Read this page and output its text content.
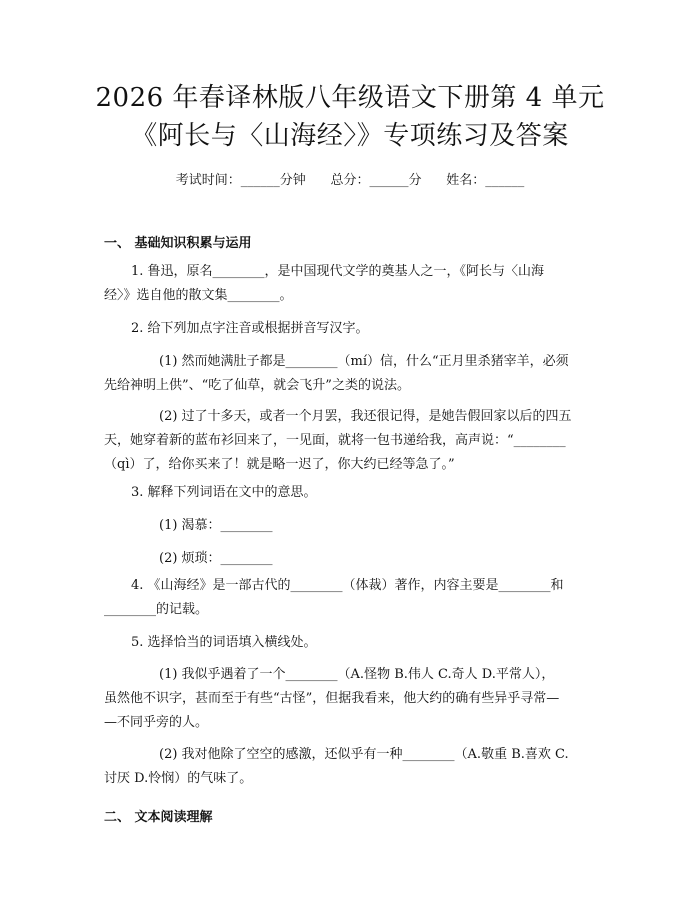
2026 年春译林版八年级语文下册第 4 单元
《阿长与〈山海经〉》专项练习及答案
考试时间：______分钟      总分：______分      姓名：______
一、 基础知识积累与运用
1. 鲁迅，原名________，是中国现代文学的奠基人之一，《阿长与〈山海
经〉》选自他的散文集________。
2. 给下列加点字注音或根据拼音写汉字。
(1) 然而她满肚子都是________（mí）信，什么“正月里杀猪宰羊，必须
先给神明上供”、“吃了仙草，就会飞升”之类的说法。
(2) 过了十多天，或者一个月罢，我还很记得，是她告假回家以后的四五
天，她穿着新的蓝布衫回来了，一见面，就将一包书递给我，高声说：“________
（qì）了，给你买来了！就是略一迟了，你大约已经等急了。”
3. 解释下列词语在文中的意思。
(1) 渴慕：________
(2) 烦琐：________
4. 《山海经》是一部古代的________（体裁）著作，内容主要是________和
________的记载。
5. 选择恰当的词语填入横线处。
(1) 我似乎遇着了一个________（A.怪物 B.伟人 C.奇人 D.平常人），
虽然他不识字，甚而至于有些“古怪”，但据我看来，他大约的确有些异乎寻常—
—不同乎旁的人。
(2) 我对他除了空空的感激，还似乎有一种________（A.敬重 B.喜欢 C.
讨厌 D.怜悯）的气味了。
二、 文本阅读理解
